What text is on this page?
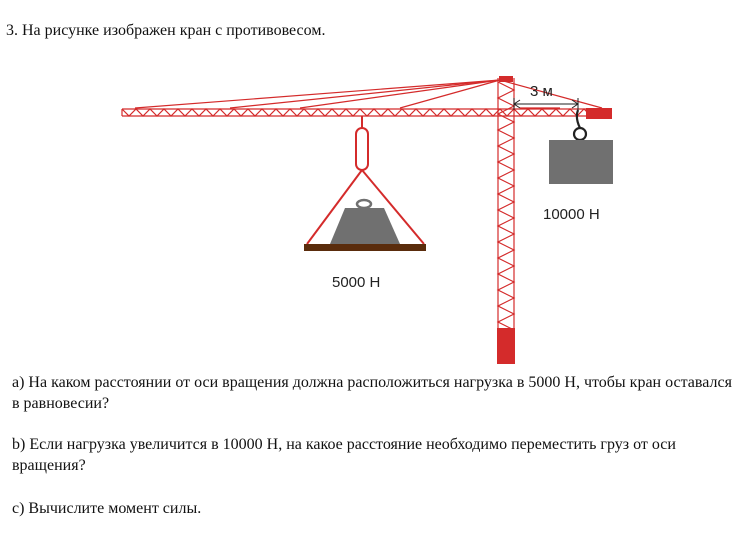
3. На рисунке изображен кран с противовесом.
3 м
10000 Н
5000 Н
а) На каком расстоянии от оси вращения должна расположиться нагрузка в 5000 Н, чтобы кран оставался в равновесии?
b) Если нагрузка увеличится в 10000 Н, на какое расстояние необходимо переместить груз от оси вращения?
c) Вычислите момент силы.
